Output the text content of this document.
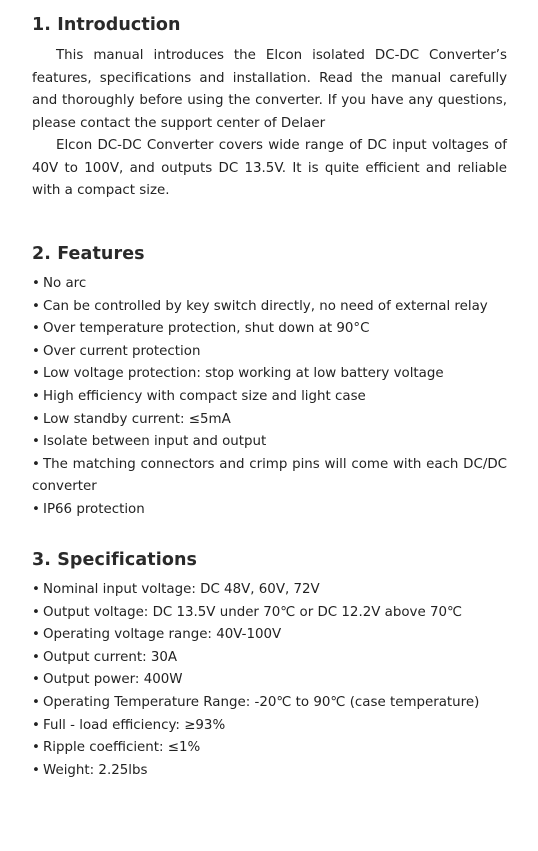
1. Introduction
This manual introduces the Elcon isolated DC-DC Converter’s features, specifications and installation. Read the manual carefully and thoroughly before using the converter. If you have any questions, please contact the support center of Delaer
Elcon DC-DC Converter covers wide range of DC input voltages of 40V to 100V, and outputs DC 13.5V. It is quite efficient and reliable with a compact size.
2. Features
• No arc
• Can be controlled by key switch directly, no need of external relay
• Over temperature protection, shut down at 90°C
• Over current protection
• Low voltage protection: stop working at low battery voltage
• High efficiency with compact size and light case
• Low standby current: ≤5mA
• Isolate between input and output
• The matching connectors and crimp pins will come with each DC/DC converter
• IP66 protection
3. Specifications
• Nominal input voltage: DC 48V, 60V, 72V
• Output voltage: DC 13.5V under 70℃ or DC 12.2V above 70℃
• Operating voltage range: 40V-100V
• Output current: 30A
• Output power: 400W
• Operating Temperature Range: -20℃ to 90℃ (case temperature)
• Full - load efficiency: ≥93%
• Ripple coefficient: ≤1%
• Weight: 2.25lbs
